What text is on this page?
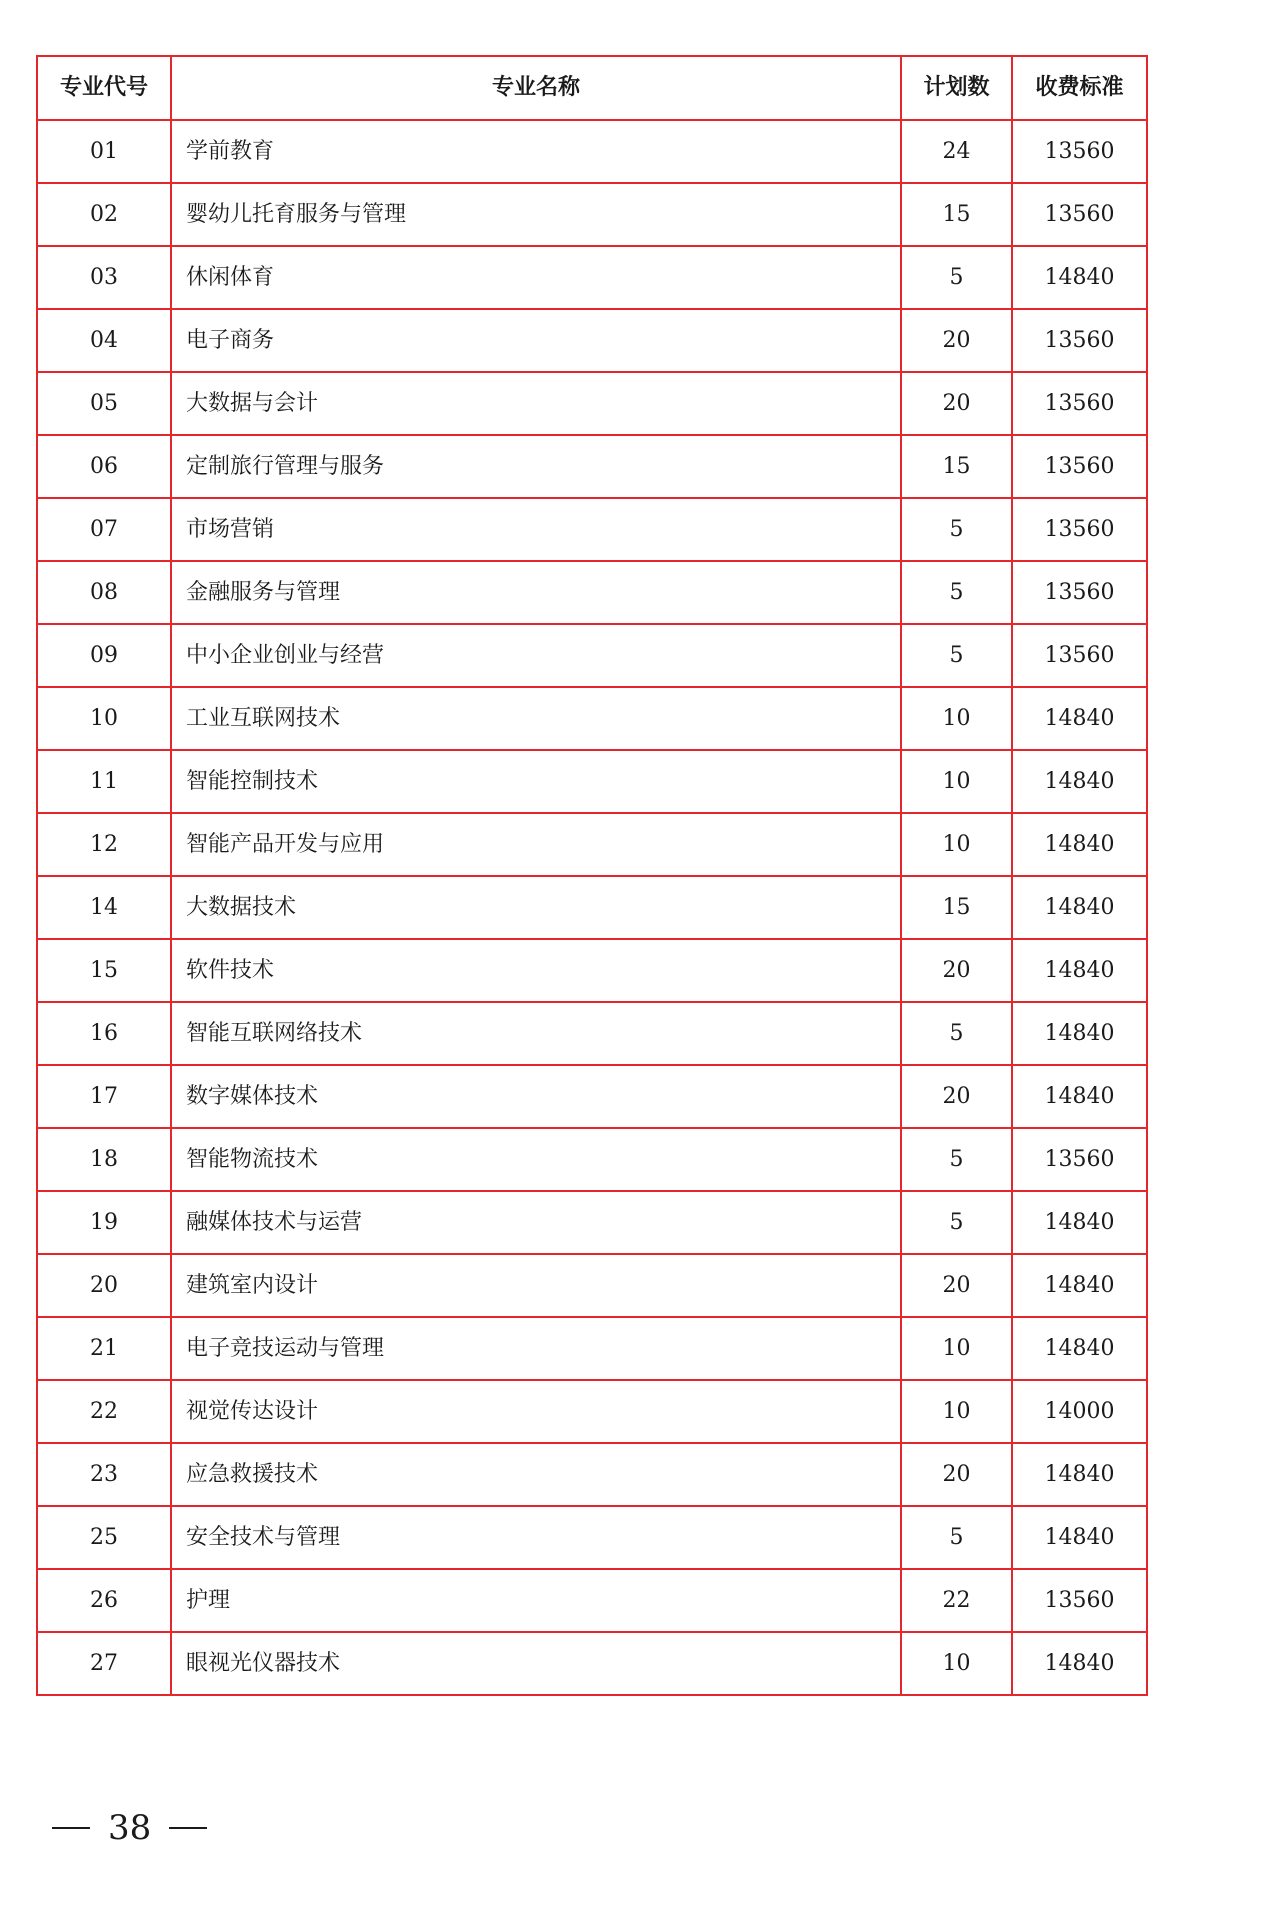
专业代号	专业名称	计划数	收费标准
01	学前教育	24	13560
02	婴幼儿托育服务与管理	15	13560
03	休闲体育	5	14840
04	电子商务	20	13560
05	大数据与会计	20	13560
06	定制旅行管理与服务	15	13560
07	市场营销	5	13560
08	金融服务与管理	5	13560
09	中小企业创业与经营	5	13560
10	工业互联网技术	10	14840
11	智能控制技术	10	14840
12	智能产品开发与应用	10	14840
14	大数据技术	15	14840
15	软件技术	20	14840
16	智能互联网络技术	5	14840
17	数字媒体技术	20	14840
18	智能物流技术	5	13560
19	融媒体技术与运营	5	14840
20	建筑室内设计	20	14840
21	电子竞技运动与管理	10	14840
22	视觉传达设计	10	14000
23	应急救援技术	20	14840
25	安全技术与管理	5	14840
26	护理	22	13560
27	眼视光仪器技术	10	14840
38
